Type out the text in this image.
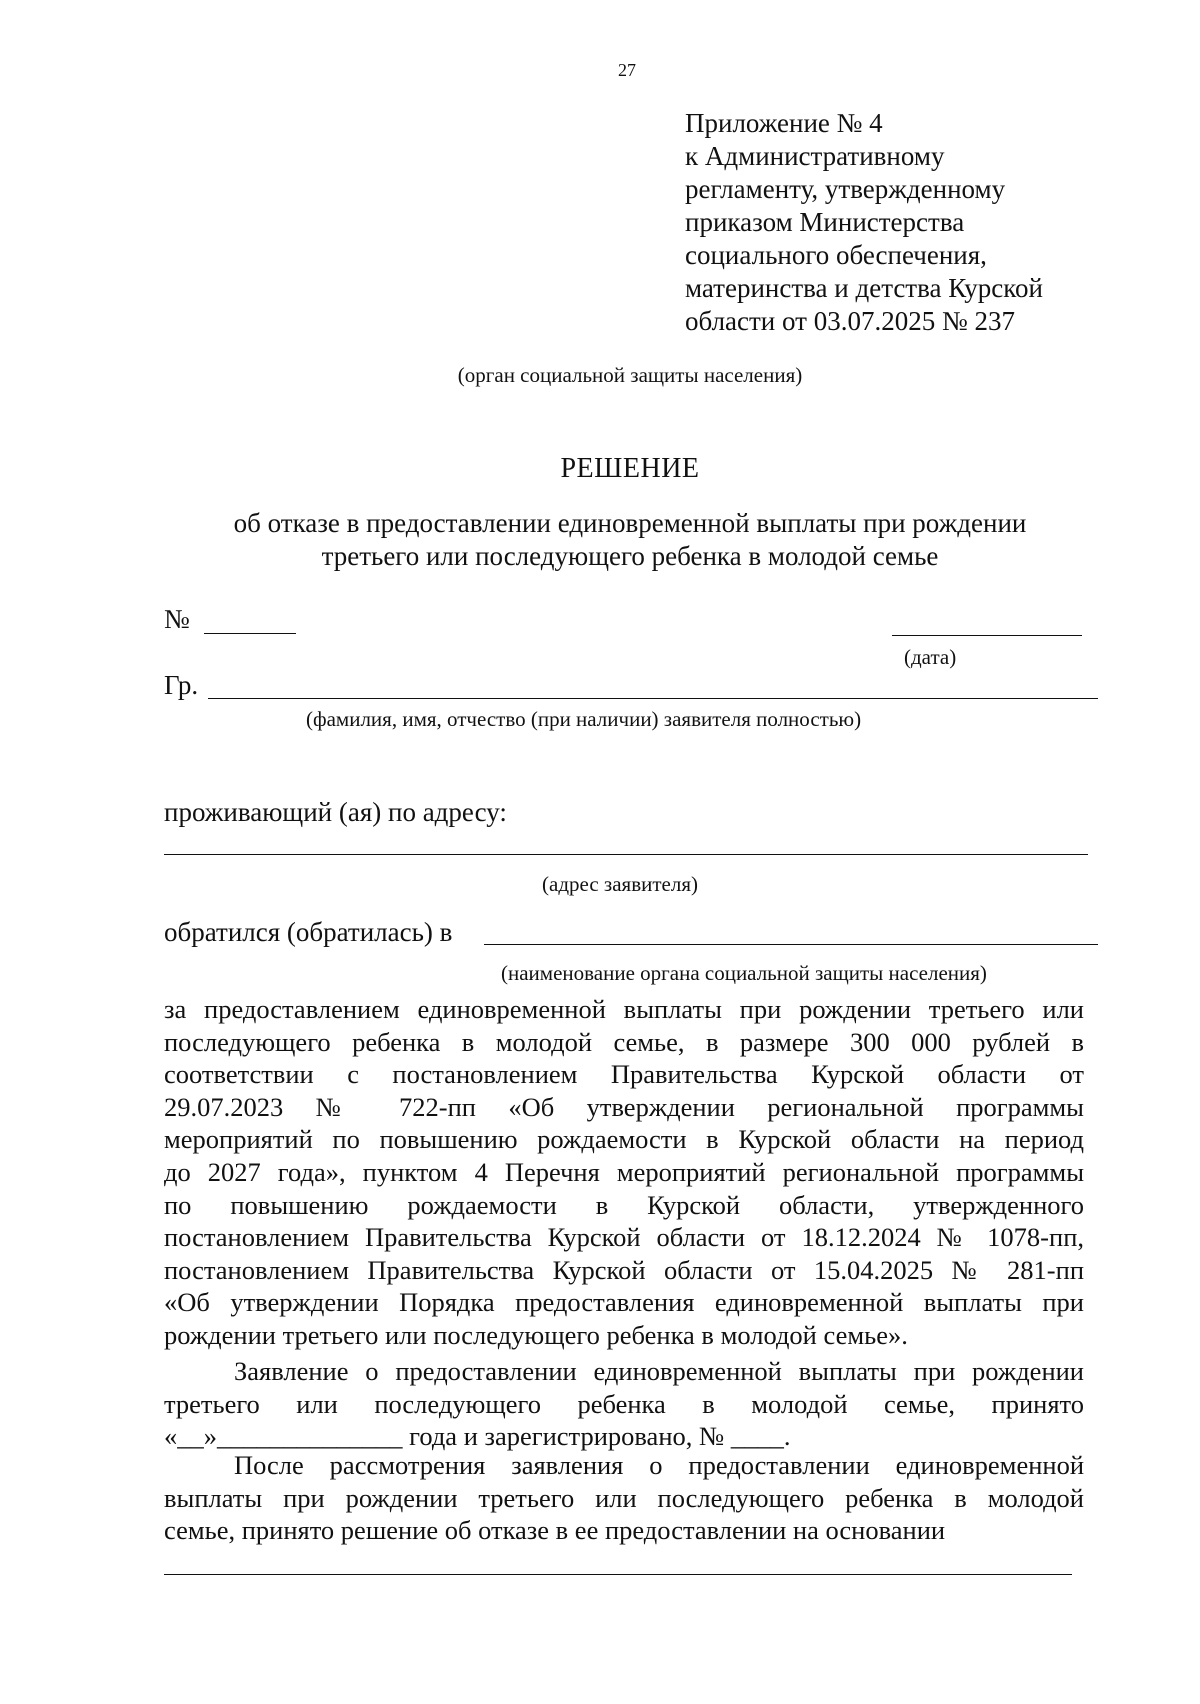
27
Приложение № 4
к Административному
регламенту, утвержденному
приказом Министерства
социального обеспечения,
материнства и детства Курской
области от 03.07.2025 № 237
(орган социальной защиты населения)
РЕШЕНИЕ
об отказе в предоставлении единовременной выплаты при рождении
третьего или последующего ребенка в молодой семье
№
(дата)
Гр.
(фамилия, имя, отчество (при наличии) заявителя полностью)
проживающий (ая) по адресу:
(адрес заявителя)
обратился (обратилась) в
(наименование органа социальной защиты населения)
за предоставлением единовременной выплаты при рождении третьего или
последующего ребенка в молодой семье, в размере 300 000 рублей в
соответствии с постановлением Правительства Курской области от
29.07.2023 № 722-пп «Об утверждении региональной программы
мероприятий по повышению рождаемости в Курской области на период
до 2027 года», пунктом 4 Перечня мероприятий региональной программы
по повышению рождаемости в Курской области, утвержденного
постановлением Правительства Курской области от 18.12.2024 № 1078-пп,
постановлением Правительства Курской области от 15.04.2025 № 281-пп
«Об утверждении Порядка предоставления единовременной выплаты при
рождении третьего или последующего ребенка в молодой семье».
Заявление о предоставлении единовременной выплаты при рождении
третьего или последующего ребенка в молодой семье, принято
«__»______________ года и зарегистрировано, № ____.
После рассмотрения заявления о предоставлении единовременной
выплаты при рождении третьего или последующего ребенка в молодой
семье, принято решение об отказе в ее предоставлении на основании
